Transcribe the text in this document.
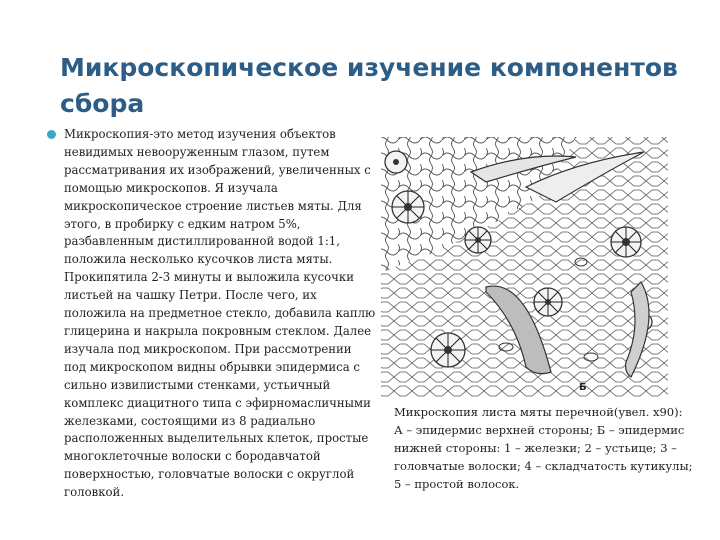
Микроскопическое изучение компонентов сбора

Микроскопия-это метод изучения объектов невидимых невооруженным глазом, путем рассматривания их изображений, увеличенных с помощью микроскопов. Я изучала микроскопическое строение листьев мяты. Для этого, в пробирку с едким натром 5%, разбавленным дистиллированной водой 1:1, положила несколько кусочков листа мяты. Прокипятила 2-3 минуты и выложила кусочки листьей на чашку Петри. После чего, их положила на предметное стекло, добавила каплю глицерина и накрыла покровным стеклом. Далее изучала под микроскопом. При рассмотрении под микроскопом видны обрывки эпидермиса с сильно извилистыми стенками, устьичный комплекс диацитного типа с эфирномасличными железками, состоящими из 8 радиально расположенных выделительных клеток, простые многоклеточные волоски с бородавчатой поверхностью, головчатые волоски с округлой головкой.

Б

Микроскопия листа мяты перечной(увел. х90): А – эпидермис верхней стороны; Б – эпидермис нижней стороны: 1 – железки; 2 – устьице; 3 – головчатые волоски; 4 – складчатость кутикулы; 5 – простой волосок.
